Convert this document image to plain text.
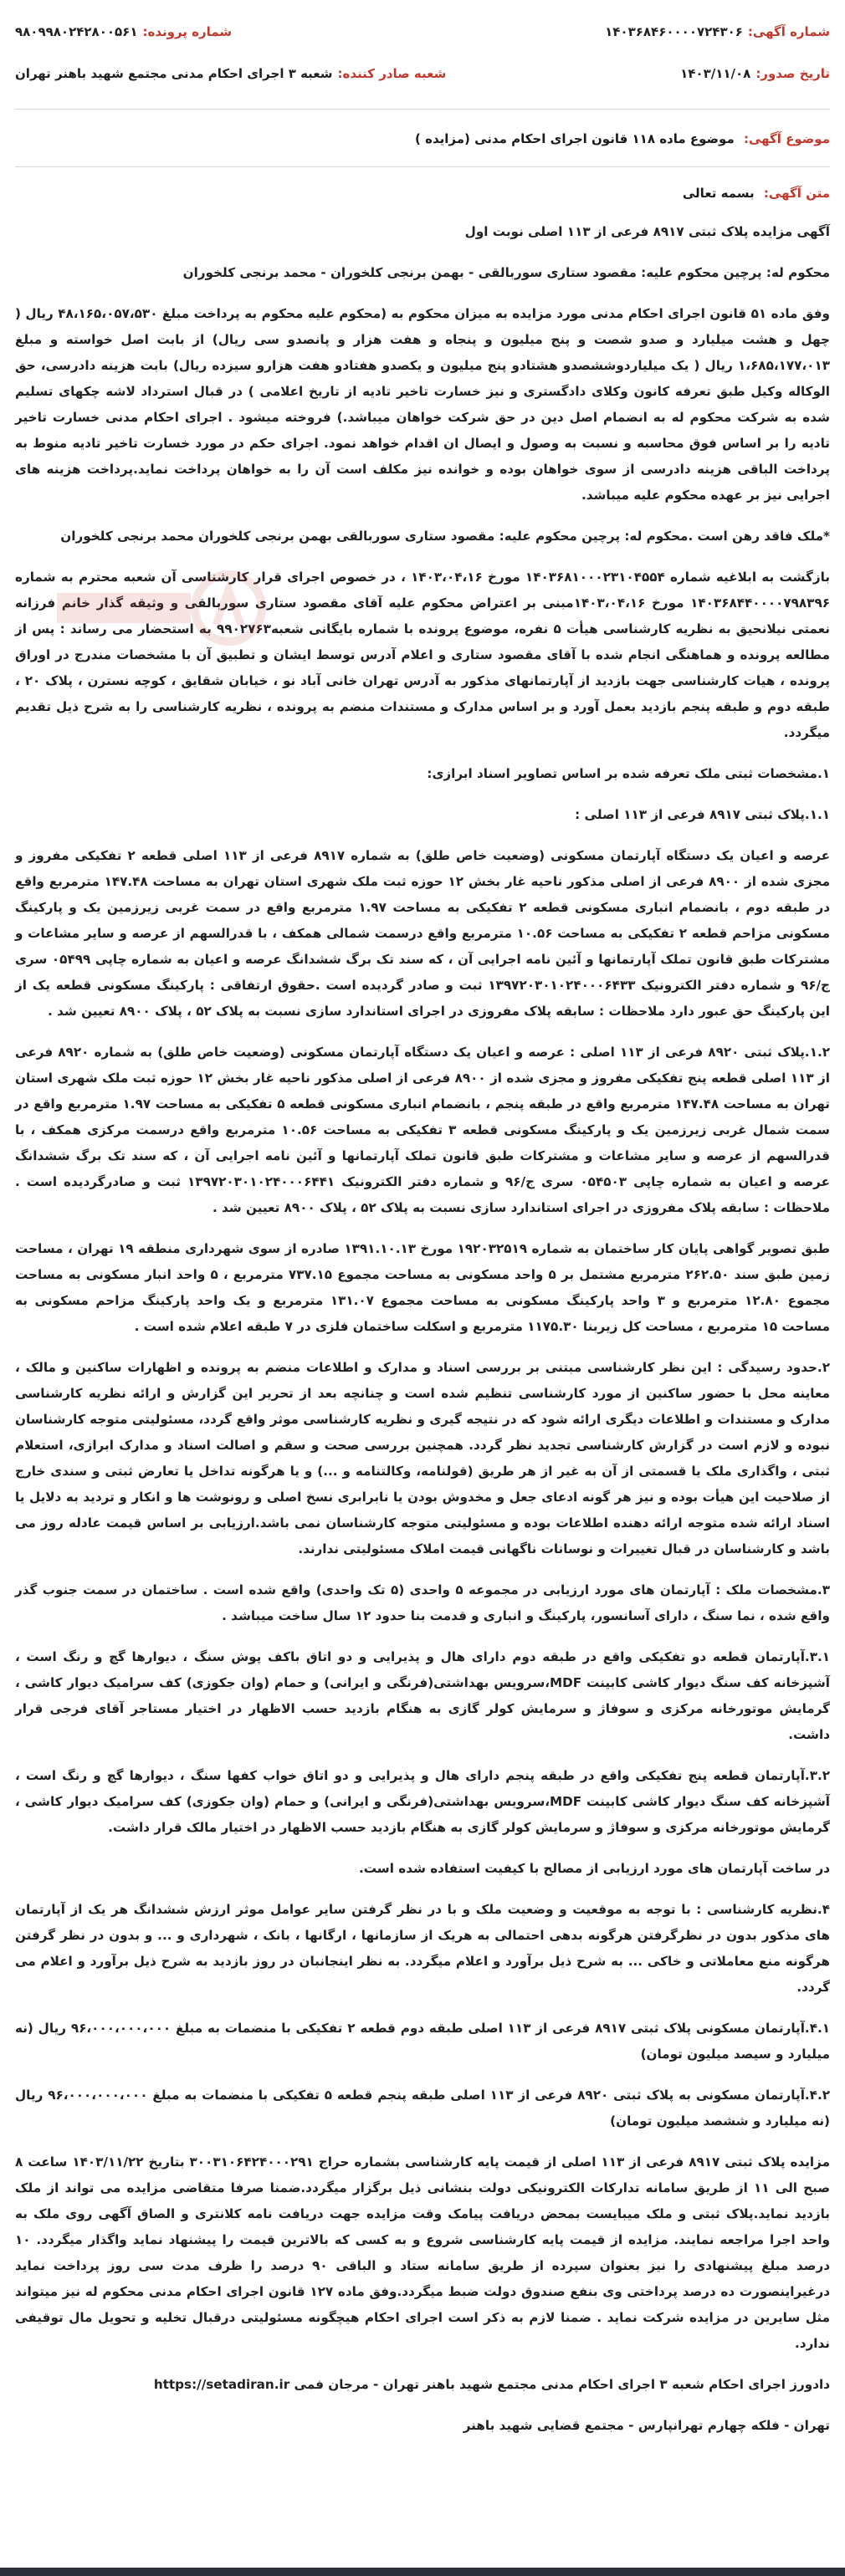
شماره آگهی:
۱۴۰۳۶۸۴۶۰۰۰۰۷۲۴۳۰۶
شماره پرونده:
۹۸۰۹۹۸۰۲۴۲۸۰۰۵۶۱
تاریخ صدور:
۱۴۰۳/۱۱/۰۸
شعبه صادر کننده:
شعبه ۳ اجرای احکام مدنی مجتمع شهید باهنر تهران
موضوع آگهی: موضوع ماده ۱۱۸ قانون اجرای احکام مدنی (مزایده )
متن آگهی: بسمه تعالی

آگهی مزایده پلاک ثبتی ۸۹۱۷ فرعی از ۱۱۳ اصلی نوبت اول

محکوم له: پرچین محکوم علیه: مقصود ستاری سوربالقی - بهمن برنجی کلخوران - محمد برنجی کلخوران

وفق ماده ۵۱ قانون اجرای احکام مدنی مورد مزایده به میزان محکوم به (محکوم علیه محکوم به پرداخت مبلغ ۴۸،۱۶۵،۰۵۷،۵۳۰ ریال ( چهل و هشت میلیارد و صدو شصت و پنج میلیون و پنجاه و هفت هزار و پانصدو سی ریال) از بابت اصل خواسته و مبلغ ۱،۶۸۵،۱۷۷،۰۱۳ ریال ( یک میلیاردوششصدو هشتادو پنج میلیون و یکصدو هفتادو هفت هزارو سیزده ریال) بابت هزینه دادرسی، حق الوکاله وکیل طبق تعرفه کانون وکلای دادگستری و نیز خسارت تاخیر تادیه از تاریخ اعلامی ) در قبال استرداد لاشه چکهای تسلیم شده به شرکت محکوم له به انضمام اصل دین در حق شرکت خواهان میباشد.) فروخته میشود . اجرای احکام مدنی خسارت تاخیر تادیه را بر اساس فوق محاسبه و نسبت به وصول و ایصال ان اقدام خواهد نمود. اجرای حکم در مورد خسارت تاخیر تادیه منوط به پرداخت الباقی هزینه دادرسی از سوی خواهان بوده و خوانده نیز مکلف است آن را به خواهان پرداخت نماید.پرداخت هزینه های اجرایی نیز بر عهده محکوم علیه میباشد.

*ملک فاقد رهن است .محکوم له: پرچین محکوم علیه: مقصود ستاری سوربالقی بهمن برنجی کلخوران محمد برنجی کلخوران

بازگشت به ابلاغیه شماره ۱۴۰۳۶۸۱۰۰۰۲۳۱۰۴۵۵۴ مورخ ۱۴۰۳،۰۴،۱۶ ، در خصوص اجرای قرار کارشناسی آن شعبه محترم به شماره ۱۴۰۳۶۸۴۴۰۰۰۰۷۹۸۳۹۶ مورخ ۱۴۰۳،۰۴،۱۶مبنی بر اعتراض محکوم علیه آقای مقصود ستاری سوربالقی و وثیقه گذار خانم فرزانه نعمتی نیلانحیق به نظریه کارشناسی هیأت ۵ نفره، موضوع پرونده با شماره بایگانی شعبه۹۹۰۲۷۶۳ به استحضار می رساند : پس از مطالعه پرونده و هماهنگی انجام شده با آقای مقصود ستاری و اعلام آدرس توسط ایشان و تطبیق آن با مشخصات مندرج در اوراق پرونده ، هیات کارشناسی جهت بازدید از آپارتمانهای مذکور به آدرس تهران خانی آباد نو ، خیابان شقایق ، کوچه نسترن ، پلاک ۲۰ ، طبقه دوم و طبقه پنجم بازدید بعمل آورد و بر اساس مدارک و مستندات منضم به پرونده ، نظریه کارشناسی را به شرح ذیل تقدیم میگردد.

۱.مشخصات ثبتی ملک تعرفه شده بر اساس تصاویر اسناد ابرازی:

۱.۱.پلاک ثبتی ۸۹۱۷ فرعی از ۱۱۳ اصلی :

عرصه و اعیان یک دستگاه آپارتمان مسکونی (وضعیت خاص طلق) به شماره ۸۹۱۷ فرعی از ۱۱۳ اصلی قطعه ۲ تفکیکی مفروز و مجزی شده از ۸۹۰۰ فرعی از اصلی مذکور ناحیه غار بخش ۱۲ حوزه ثبت ملک شهری استان تهران به مساحت ۱۴۷.۴۸ مترمربع واقع در طبقه دوم ، بانضمام انباری مسکونی قطعه ۲ تفکیکی به مساحت ۱.۹۷ مترمربع واقع در سمت غربی زیرزمین یک و پارکینگ مسکونی مزاحم قطعه ۲ تفکیکی به مساحت ۱۰.۵۶ مترمربع واقع درسمت شمالی همکف ، با قدرالسهم از عرصه و سایر مشاعات و مشترکات طبق قانون تملک آپارتمانها و آئین نامه اجرایی آن ، که سند تک برگ ششدانگ عرصه و اعیان به شماره چاپی ۰۵۴۹۹ سری ج/۹۶ و شماره دفتر الکترونیک ۱۳۹۷۲۰۳۰۱۰۲۴۰۰۰۶۴۳۳ ثبت و صادر گردیده است .حقوق ارتفاقی : پارکینگ مسکونی قطعه یک از این پارکینگ حق عبور دارد ملاحظات : سابقه پلاک مفروزی در اجرای استاندارد سازی نسبت به پلاک ۵۲ ، پلاک ۸۹۰۰ تعیین شد .

۱.۲.پلاک ثبتی ۸۹۲۰ فرعی از ۱۱۳ اصلی : عرصه و اعیان یک دستگاه آپارتمان مسکونی (وضعیت خاص طلق) به شماره ۸۹۲۰ فرعی از ۱۱۳ اصلی قطعه پنج تفکیکی مفروز و مجزی شده از ۸۹۰۰ فرعی از اصلی مذکور ناحیه غار بخش ۱۲ حوزه ثبت ملک شهری استان تهران به مساحت ۱۴۷.۴۸ مترمربع واقع در طبقه پنجم ، بانضمام انباری مسکونی قطعه ۵ تفکیکی به مساحت ۱.۹۷ مترمربع واقع در سمت شمال غربی زیرزمین یک و پارکینگ مسکونی قطعه ۳ تفکیکی به مساحت ۱۰.۵۶ مترمربع واقع درسمت مرکزی همکف ، با قدرالسهم از عرصه و سایر مشاعات و مشترکات طبق قانون تملک آپارتمانها و آئین نامه اجرایی آن ، که سند تک برگ ششدانگ عرصه و اعیان به شماره چاپی ۰۵۴۵۰۳ سری ج/۹۶ و شماره دفتر الکترونیک ۱۳۹۷۲۰۳۰۱۰۲۴۰۰۰۶۴۴۱ ثبت و صادرگردیده است . ملاحظات : سابقه پلاک مفروزی در اجرای استاندارد سازی نسبت به پلاک ۵۲ ، پلاک ۸۹۰۰ تعیین شد .

طبق تصویر گواهی پایان کار ساختمان به شماره ۱۹۲۰۳۲۵۱۹ مورخ ۱۳۹۱.۱۰.۱۳ صادره از سوی شهرداری منطقه ۱۹ تهران ، مساحت زمین طبق سند ۲۶۲.۵۰ مترمربع مشتمل بر ۵ واحد مسکونی به مساحت مجموع ۷۳۷.۱۵ مترمربع ، ۵ واحد انبار مسکونی به مساحت مجموع ۱۲.۸۰ مترمربع و ۳ واحد پارکینگ مسکونی به مساحت مجموع ۱۳۱.۰۷ مترمربع و یک واحد پارکینگ مزاحم مسکونی به مساحت ۱۵ مترمربع ، مساحت کل زیربنا ۱۱۷۵.۳۰ مترمربع و اسکلت ساختمان فلزی در ۷ طبقه اعلام شده است .

۲.حدود رسیدگی : این نظر کارشناسی مبتنی بر بررسی اسناد و مدارک و اطلاعات منضم به پرونده و اظهارات ساکنین و مالک ، معاینه محل با حضور ساکنین از مورد کارشناسی تنظیم شده است و چنانچه بعد از تحریر این گزارش و ارائه نظریه کارشناسی مدارک و مستندات و اطلاعات دیگری ارائه شود که در نتیجه گیری و نظریه کارشناسی موثر واقع گردد، مسئولیتی متوجه کارشناسان نبوده و لازم است در گزارش کارشناسی تجدید نظر گردد. همچنین بررسی صحت و سقم و اصالت اسناد و مدارک ابرازی، استعلام ثبتی ، واگذاری ملک یا قسمتی از آن به غیر از هر طریق (قولنامه، وکالتنامه و ...) و یا هرگونه تداخل یا تعارض ثبتی و سندی خارج از صلاحیت این هیأت بوده و نیز هر گونه ادعای جعل و مخدوش بودن یا نابرابری نسخ اصلی و رونوشت ها و انکار و تردید به دلایل یا اسناد ارائه شده متوجه ارائه دهنده اطلاعات بوده و مسئولیتی متوجه کارشناسان نمی باشد.ارزیابی بر اساس قیمت عادله روز می باشد و کارشناسان در قبال تغییرات و نوسانات ناگهانی قیمت املاک مسئولیتی ندارند.

۳.مشخصات ملک : آپارتمان های مورد ارزیابی در مجموعه ۵ واحدی (۵ تک واحدی) واقع شده است . ساختمان در سمت جنوب گذر واقع شده ، نما سنگ ، دارای آسانسور، پارکینگ و انباری و قدمت بنا حدود ۱۲ سال ساخت میباشد .

۳.۱.آپارتمان قطعه دو تفکیکی واقع در طبقه دوم دارای هال و پذیرایی و دو اتاق باکف پوش سنگ ، دیوارها گچ و رنگ است ، آشپزخانه کف سنگ دیوار کاشی کابینت MDF،سرویس بهداشتی(فرنگی و ایرانی) و حمام (وان جکوزی) کف سرامیک دیوار کاشی ، گرمایش موتورخانه مرکزی و سوفاژ و سرمایش کولر گازی به هنگام بازدید حسب الاظهار در اختیار مستاجر آقای فرجی قرار داشت.

۳.۲.آپارتمان قطعه پنج تفکیکی واقع در طبقه پنجم دارای هال و پذیرایی و دو اتاق خواب کفها سنگ ، دیوارها گچ و رنگ است ، آشپزخانه کف سنگ دیوار کاشی کابینت MDF،سرویس بهداشتی(فرنگی و ایرانی) و حمام (وان جکوزی) کف سرامیک دیوار کاشی ، گرمایش موتورخانه مرکزی و سوفاژ و سرمایش کولر گازی به هنگام بازدید حسب الاظهار در اختیار مالک قرار داشت.

در ساخت آپارتمان های مورد ارزیابی از مصالح با کیفیت استفاده شده است.

۴.نظریه کارشناسی : با توجه به موقعیت و وضعیت ملک و با در نظر گرفتن سایر عوامل موثر ارزش ششدانگ هر یک از آپارتمان های مذکور بدون در نظرگرفتن هرگونه بدهی احتمالی به هریک از سازمانها ، ارگانها ، بانک ، شهرداری و ... و بدون در نظر گرفتن هرگونه منع معاملاتی و خاکی ... به شرح ذیل برآورد و اعلام میگردد. به نظر اینجانبان در روز بازدید به شرح ذیل برآورد و اعلام می گردد.

۴.۱.آپارتمان مسکونی پلاک ثبتی ۸۹۱۷ فرعی از ۱۱۳ اصلی طبقه دوم قطعه ۲ تفکیکی با منضمات به مبلغ ۹۶،۰۰۰،۰۰۰،۰۰۰ ریال (نه میلیارد و سیصد میلیون تومان)

۴.۲.آپارتمان مسکونی به پلاک ثبتی ۸۹۲۰ فرعی از ۱۱۳ اصلی طبقه پنجم قطعه ۵ تفکیکی با منضمات به مبلغ ۹۶،۰۰۰،۰۰۰،۰۰۰ ریال (نه میلیارد و ششصد میلیون تومان)

مزایده پلاک ثبتی ۸۹۱۷ فرعی از ۱۱۳ اصلی از قیمت پایه کارشناسی بشماره حراج ۳۰۰۳۱۰۶۴۲۴۰۰۰۲۹۱ بتاریخ ۱۴۰۳/۱۱/۲۲ ساعت ۸ صبح الی ۱۱ از طریق سامانه تدارکات الکترونیکی دولت بنشانی ذیل برگزار میگردد.ضمنا صرفا متقاضی مزایده می تواند از ملک بازدید نماید.پلاک ثبتی و ملک میبایست بمحض دریافت پیامک وقت مزایده جهت دریافت نامه کلانتری و الصاق آگهی روی ملک به واحد اجرا مراجعه نمایند. مزایده از قیمت پایه کارشناسی شروع و به کسی که بالاترین قیمت را پیشنهاد نماید واگذار میگردد. ۱۰ درصد مبلغ پیشنهادی را نیز بعنوان سپرده از طریق سامانه ستاد و الباقی ۹۰ درصد را ظرف مدت سی روز پرداخت نماید درغیراینصورت ده درصد پرداختی وی بنفع صندوق دولت ضبط میگردد.وفق ماده ۱۲۷ قانون اجرای احکام مدنی محکوم له نیز میتواند مثل سایرین در مزایده شرکت نماید . ضمنا لازم به ذکر است اجرای احکام هیچگونه مسئولیتی درقبال تخلیه و تحویل مال توقیفی ندارد.

دادورز اجرای احکام شعبه ۳ اجرای احکام مدنی مجتمع شهید باهنر تهران - مرجان فمی https://setadiran.ir

تهران - فلکه چهارم تهرانپارس - مجتمع قضایی شهید باهنر
